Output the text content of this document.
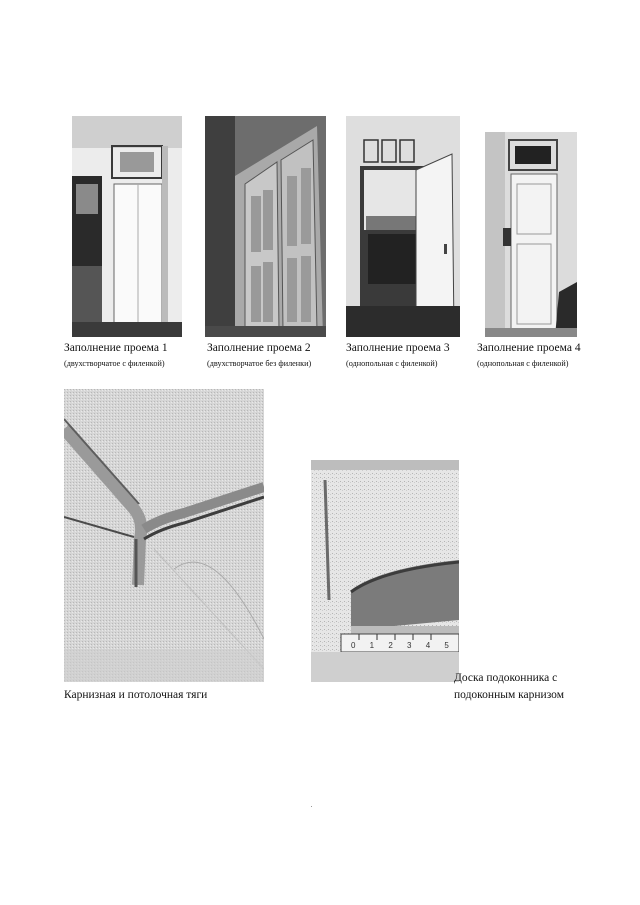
Заполнение проема 1
(двухстворчатое с филенкой)
Заполнение проема 2
(двухстворчатое без филенки)
Заполнение проема 3
(однопольная с филенкой)
Заполнение проема 4
(однопольная с филенкой)
Карнизная и потолочная тяги
0 1 2 3 4 5
Доска подоконника с
подоконным карнизом
